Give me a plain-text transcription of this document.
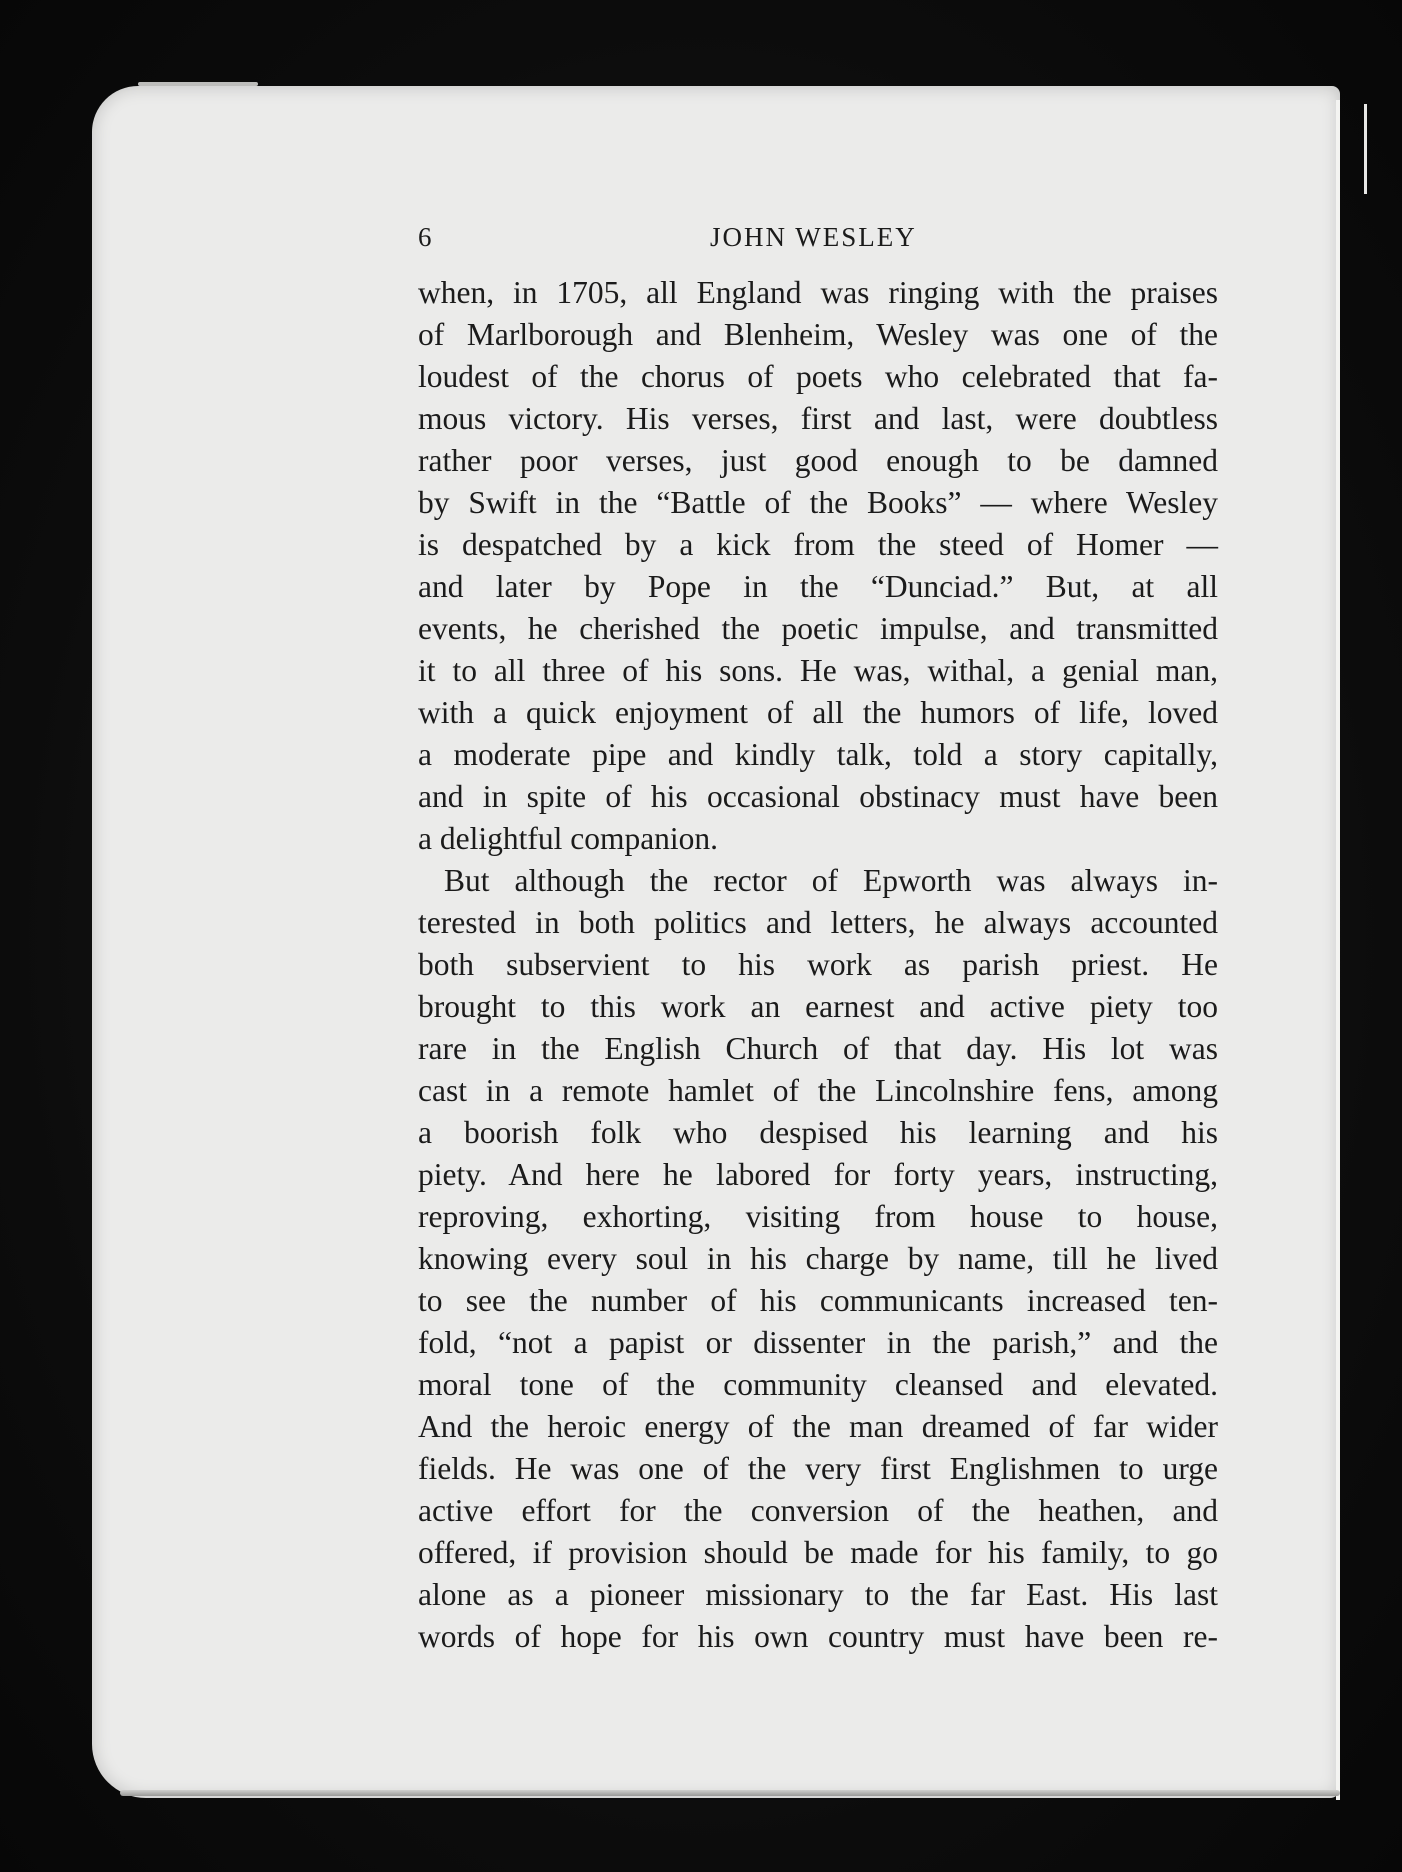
6	JOHN WESLEY
when, in 1705, all England was ringing with the praises
of Marlborough and Blenheim, Wesley was one of the
loudest of the chorus of poets who celebrated that fa-
mous victory. His verses, first and last, were doubtless
rather poor verses, just good enough to be damned
by Swift in the “Battle of the Books” — where Wesley
is despatched by a kick from the steed of Homer —
and later by Pope in the “Dunciad.” But, at all
events, he cherished the poetic impulse, and transmitted
it to all three of his sons. He was, withal, a genial man,
with a quick enjoyment of all the humors of life, loved
a moderate pipe and kindly talk, told a story capitally,
and in spite of his occasional obstinacy must have been
a delightful companion.
But although the rector of Epworth was always in-
terested in both politics and letters, he always accounted
both subservient to his work as parish priest. He
brought to this work an earnest and active piety too
rare in the English Church of that day. His lot was
cast in a remote hamlet of the Lincolnshire fens, among
a boorish folk who despised his learning and his
piety. And here he labored for forty years, instructing,
reproving, exhorting, visiting from house to house,
knowing every soul in his charge by name, till he lived
to see the number of his communicants increased ten-
fold, “not a papist or dissenter in the parish,” and the
moral tone of the community cleansed and elevated.
And the heroic energy of the man dreamed of far wider
fields. He was one of the very first Englishmen to urge
active effort for the conversion of the heathen, and
offered, if provision should be made for his family, to go
alone as a pioneer missionary to the far East. His last
words of hope for his own country must have been re-
